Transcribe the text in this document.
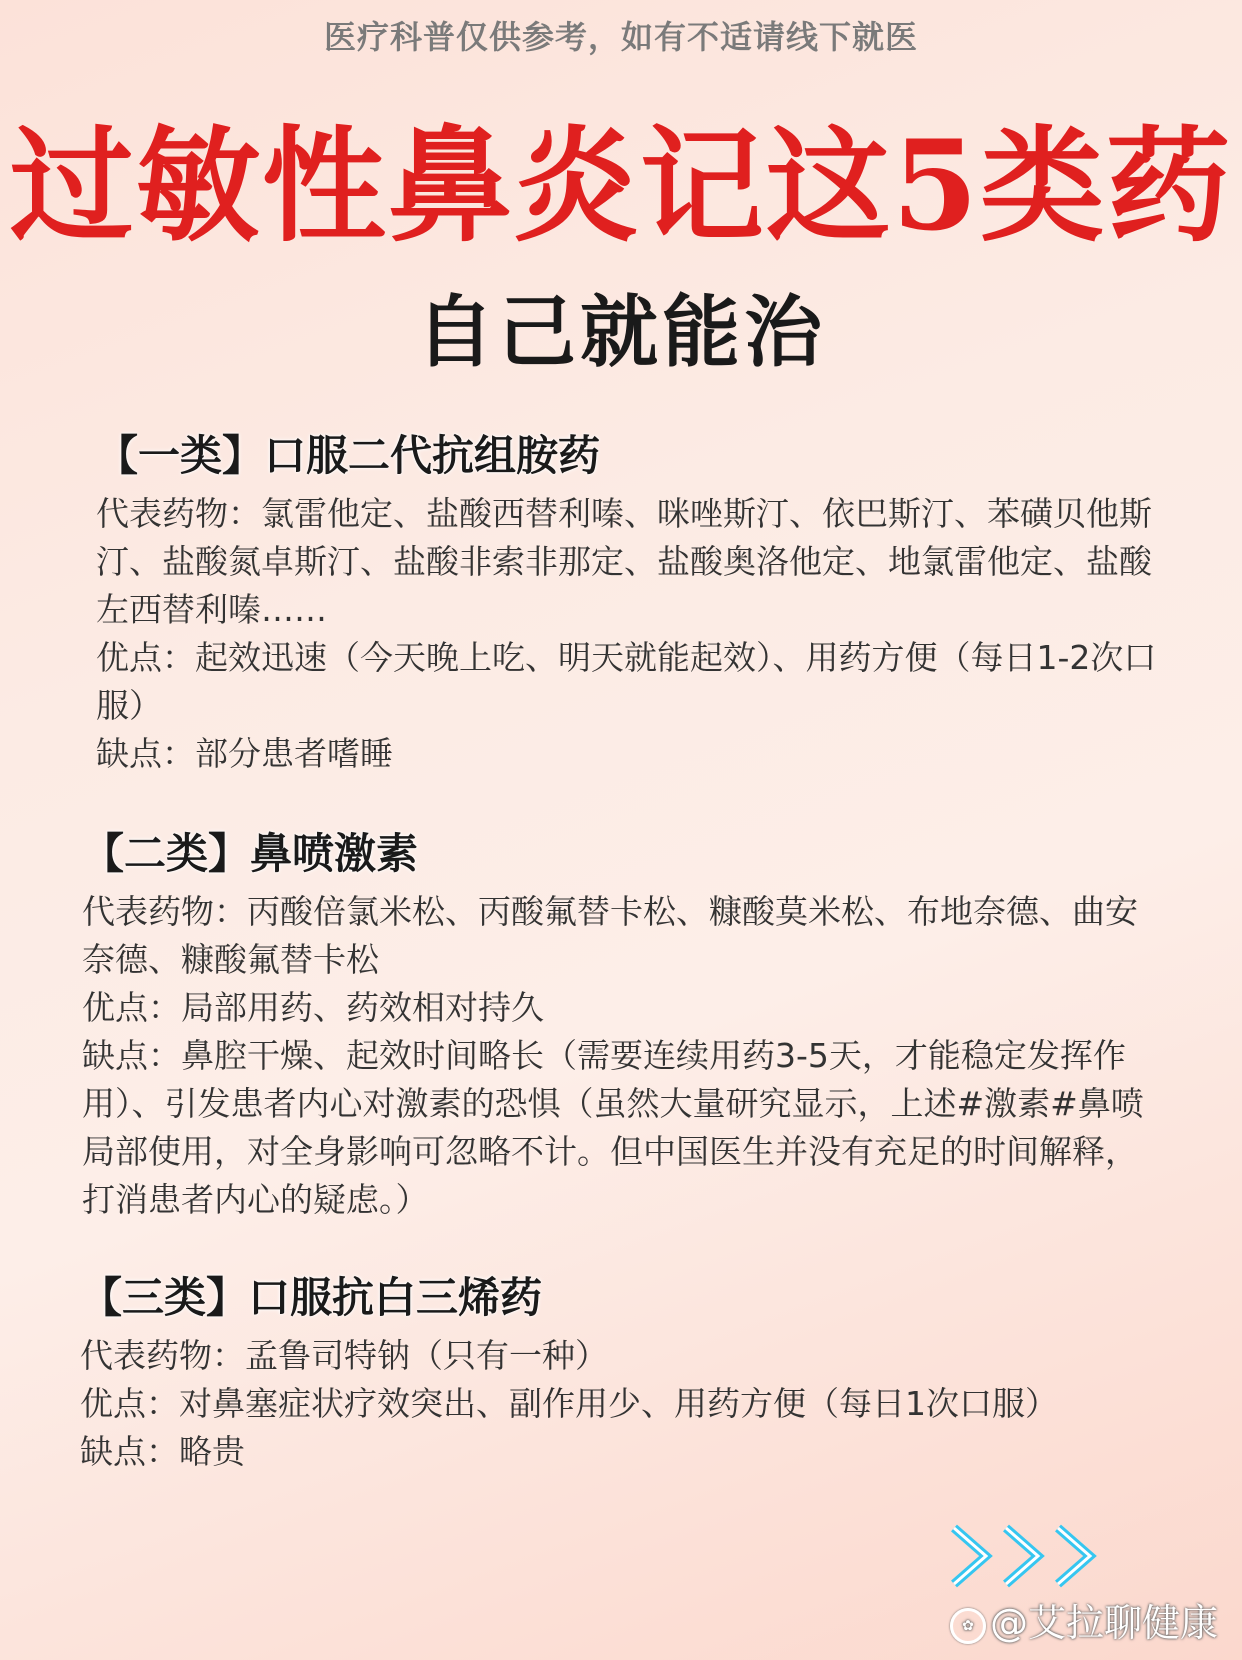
医疗科普仅供参考，如有不适请线下就医
过敏性鼻炎记这5类药
自己就能治
【一类】口服二代抗组胺药
代表药物：氯雷他定、盐酸西替利嗪、咪唑斯汀、依巴斯汀、苯磺贝他斯汀、盐酸氮卓斯汀、盐酸非索非那定、盐酸奥洛他定、地氯雷他定、盐酸左西替利嗪……
优点：起效迅速（今天晚上吃、明天就能起效）、用药方便（每日1-2次口服）
缺点：部分患者嗜睡
【二类】鼻喷激素
代表药物：丙酸倍氯米松、丙酸氟替卡松、糠酸莫米松、布地奈德、曲安奈德、糠酸氟替卡松
优点：局部用药、药效相对持久
缺点：鼻腔干燥、起效时间略长（需要连续用药3-5天，才能稳定发挥作用）、引发患者内心对激素的恐惧（虽然大量研究显示，上述#激素#鼻喷局部使用，对全身影响可忽略不计。但中国医生并没有充足的时间解释，打消患者内心的疑虑。）
【三类】口服抗白三烯药
代表药物：孟鲁司特钠（只有一种）
优点：对鼻塞症状疗效突出、副作用少、用药方便（每日1次口服）
缺点：略贵
✿ @艾拉聊健康
